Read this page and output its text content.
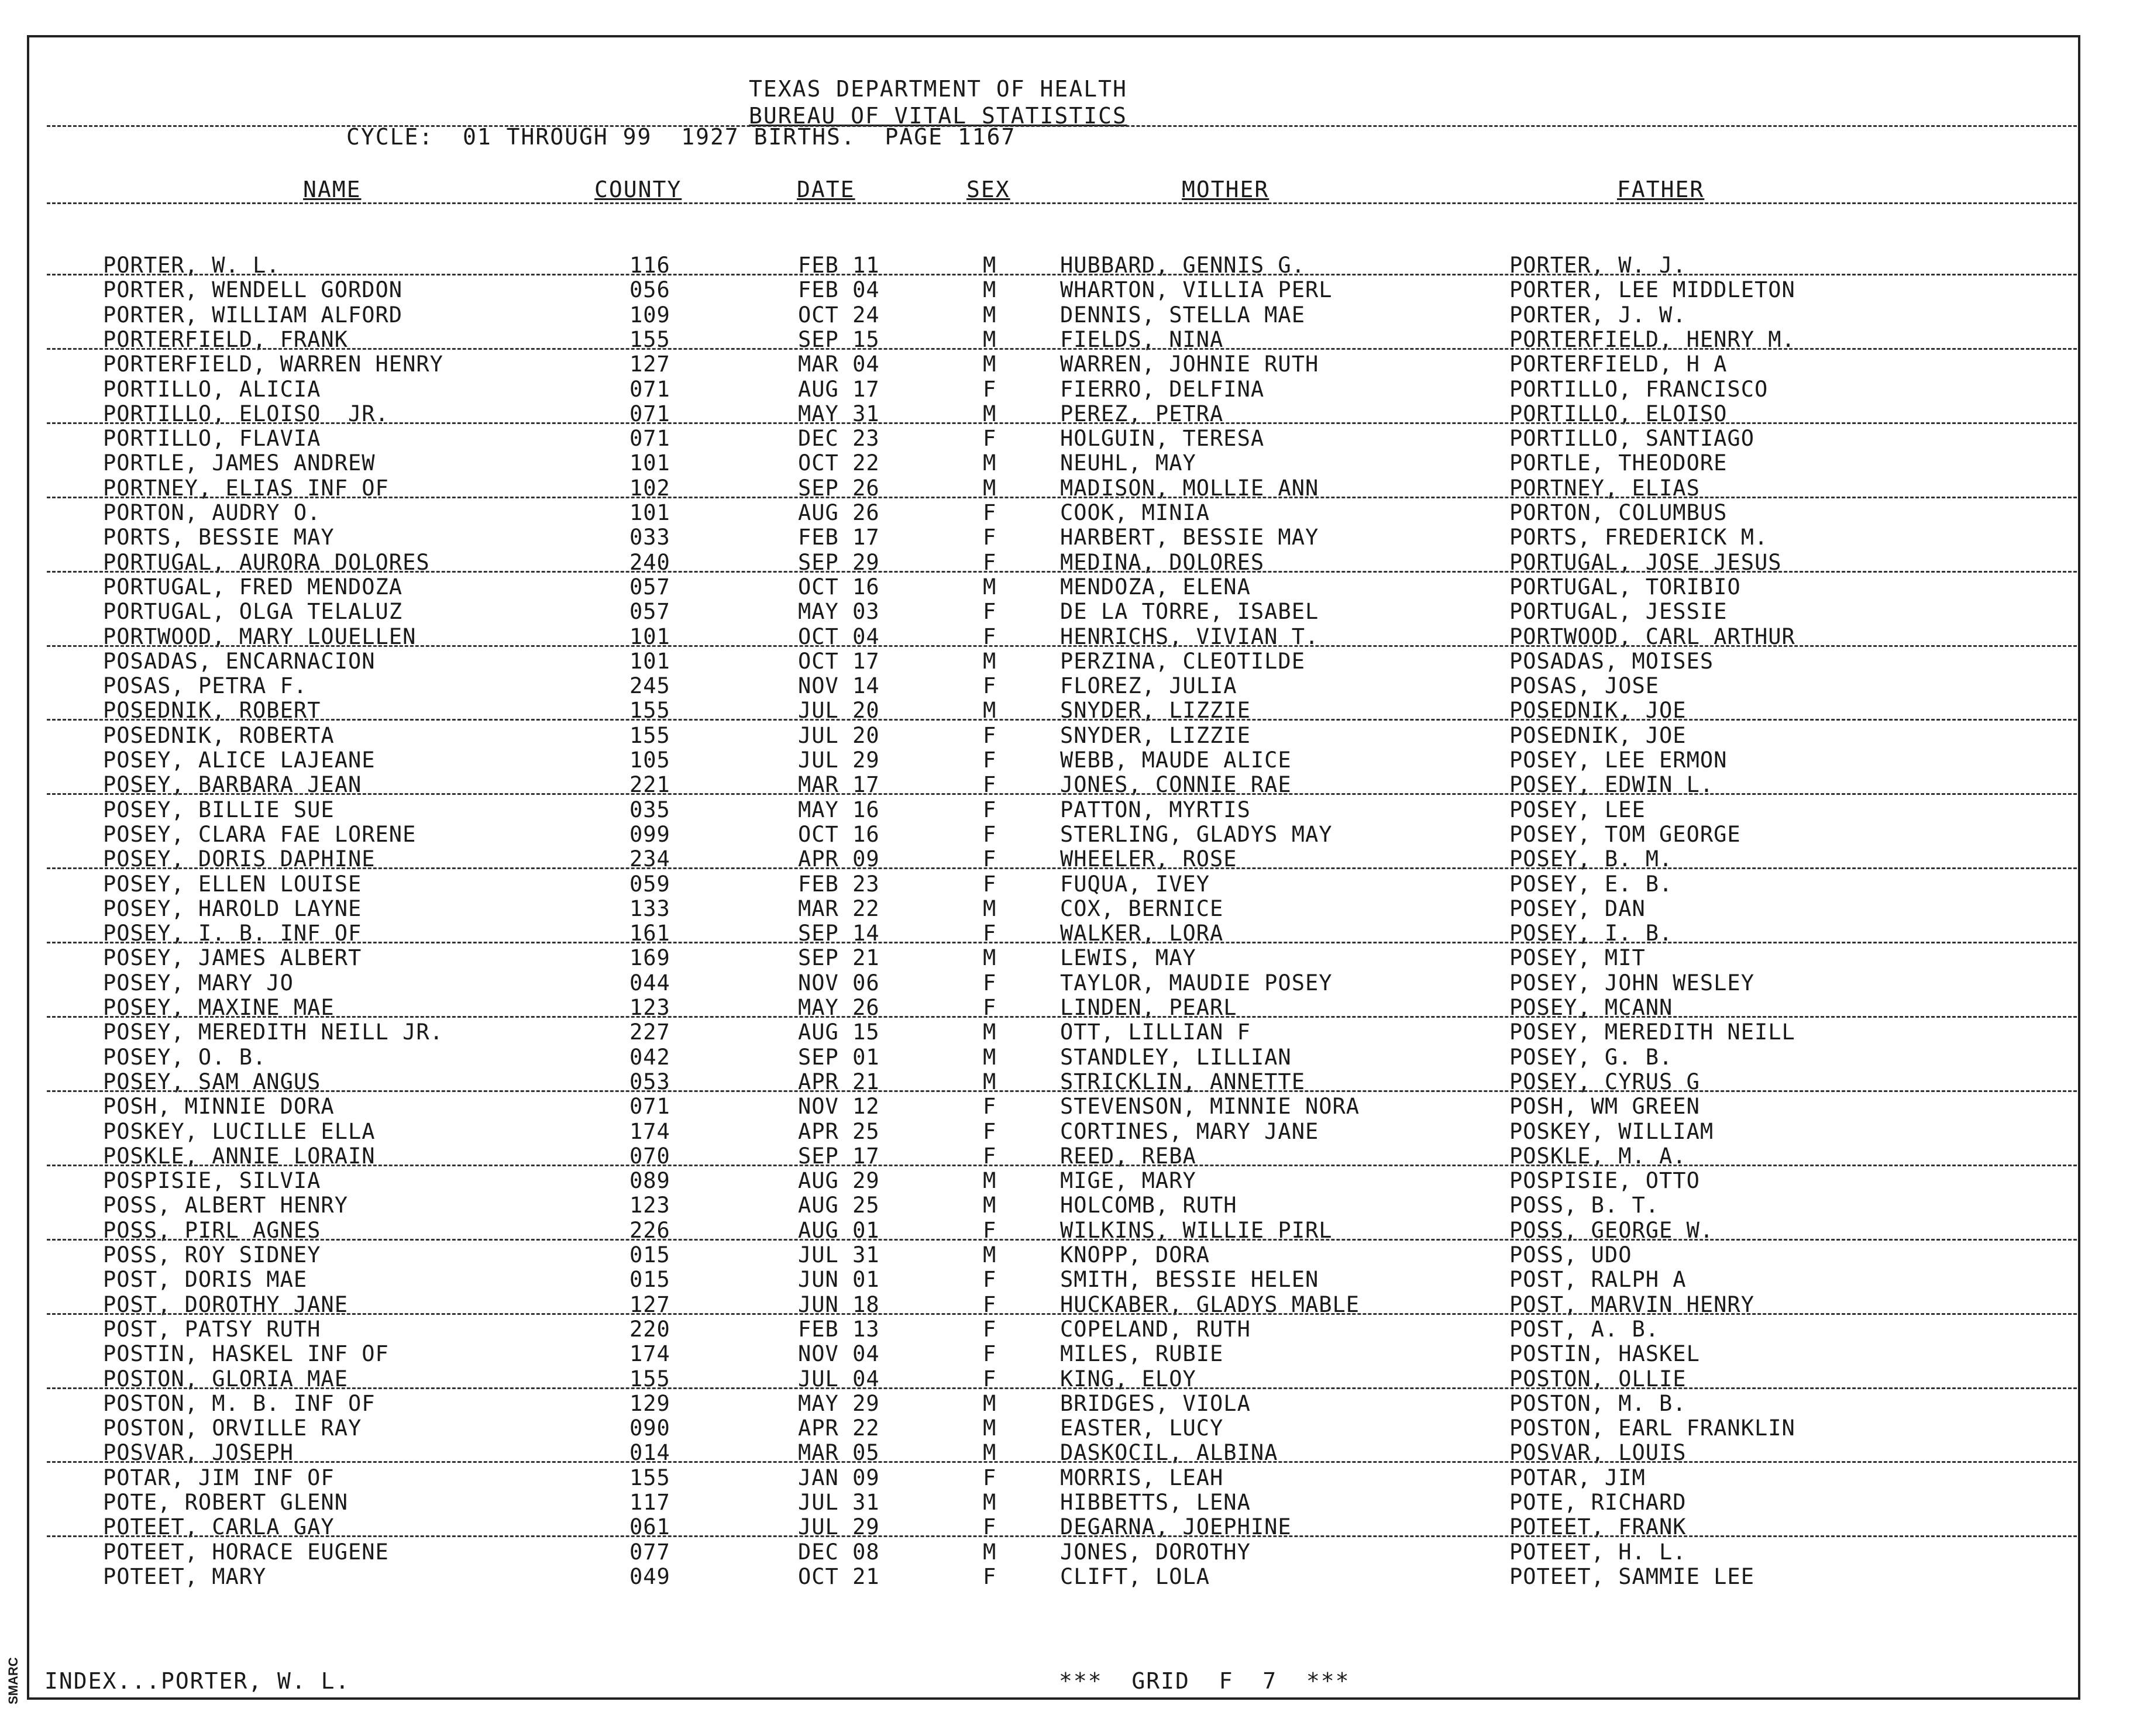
TEXAS DEPARTMENT OF HEALTH
BUREAU OF VITAL STATISTICS
CYCLE:  01 THROUGH 99  1927 BIRTHS.  PAGE 1167
NAME	COUNTY	DATE	SEX	MOTHER	FATHER
PORTER, W. L.	116	FEB 11	M	HUBBARD, GENNIS G.	PORTER, W. J.
PORTER, WENDELL GORDON	056	FEB 04	M	WHARTON, VILLIA PERL	PORTER, LEE MIDDLETON
PORTER, WILLIAM ALFORD	109	OCT 24	M	DENNIS, STELLA MAE	PORTER, J. W.
PORTERFIELD, FRANK	155	SEP 15	M	FIELDS, NINA	PORTERFIELD, HENRY M.
PORTERFIELD, WARREN HENRY	127	MAR 04	M	WARREN, JOHNIE RUTH	PORTERFIELD, H A
PORTILLO, ALICIA	071	AUG 17	F	FIERRO, DELFINA	PORTILLO, FRANCISCO
PORTILLO, ELOISO  JR.	071	MAY 31	M	PEREZ, PETRA	PORTILLO, ELOISO
PORTILLO, FLAVIA	071	DEC 23	F	HOLGUIN, TERESA	PORTILLO, SANTIAGO
PORTLE, JAMES ANDREW	101	OCT 22	M	NEUHL, MAY	PORTLE, THEODORE
PORTNEY, ELIAS INF OF	102	SEP 26	M	MADISON, MOLLIE ANN	PORTNEY, ELIAS
PORTON, AUDRY O.	101	AUG 26	F	COOK, MINIA	PORTON, COLUMBUS
PORTS, BESSIE MAY	033	FEB 17	F	HARBERT, BESSIE MAY	PORTS, FREDERICK M.
PORTUGAL, AURORA DOLORES	240	SEP 29	F	MEDINA, DOLORES	PORTUGAL, JOSE JESUS
PORTUGAL, FRED MENDOZA	057	OCT 16	M	MENDOZA, ELENA	PORTUGAL, TORIBIO
PORTUGAL, OLGA TELALUZ	057	MAY 03	F	DE LA TORRE, ISABEL	PORTUGAL, JESSIE
PORTWOOD, MARY LOUELLEN	101	OCT 04	F	HENRICHS, VIVIAN T.	PORTWOOD, CARL ARTHUR
POSADAS, ENCARNACION	101	OCT 17	M	PERZINA, CLEOTILDE	POSADAS, MOISES
POSAS, PETRA F.	245	NOV 14	F	FLOREZ, JULIA	POSAS, JOSE
POSEDNIK, ROBERT	155	JUL 20	M	SNYDER, LIZZIE	POSEDNIK, JOE
POSEDNIK, ROBERTA	155	JUL 20	F	SNYDER, LIZZIE	POSEDNIK, JOE
POSEY, ALICE LAJEANE	105	JUL 29	F	WEBB, MAUDE ALICE	POSEY, LEE ERMON
POSEY, BARBARA JEAN	221	MAR 17	F	JONES, CONNIE RAE	POSEY, EDWIN L.
POSEY, BILLIE SUE	035	MAY 16	F	PATTON, MYRTIS	POSEY, LEE
POSEY, CLARA FAE LORENE	099	OCT 16	F	STERLING, GLADYS MAY	POSEY, TOM GEORGE
POSEY, DORIS DAPHINE	234	APR 09	F	WHEELER, ROSE	POSEY, B. M.
POSEY, ELLEN LOUISE	059	FEB 23	F	FUQUA, IVEY	POSEY, E. B.
POSEY, HAROLD LAYNE	133	MAR 22	M	COX, BERNICE	POSEY, DAN
POSEY, I. B. INF OF	161	SEP 14	F	WALKER, LORA	POSEY, I. B.
POSEY, JAMES ALBERT	169	SEP 21	M	LEWIS, MAY	POSEY, MIT
POSEY, MARY JO	044	NOV 06	F	TAYLOR, MAUDIE POSEY	POSEY, JOHN WESLEY
POSEY, MAXINE MAE	123	MAY 26	F	LINDEN, PEARL	POSEY, MCANN
POSEY, MEREDITH NEILL JR.	227	AUG 15	M	OTT, LILLIAN F	POSEY, MEREDITH NEILL
POSEY, O. B.	042	SEP 01	M	STANDLEY, LILLIAN	POSEY, G. B.
POSEY, SAM ANGUS	053	APR 21	M	STRICKLIN, ANNETTE	POSEY, CYRUS G
POSH, MINNIE DORA	071	NOV 12	F	STEVENSON, MINNIE NORA	POSH, WM GREEN
POSKEY, LUCILLE ELLA	174	APR 25	F	CORTINES, MARY JANE	POSKEY, WILLIAM
POSKLE, ANNIE LORAIN	070	SEP 17	F	REED, REBA	POSKLE, M. A.
POSPISIE, SILVIA	089	AUG 29	M	MIGE, MARY	POSPISIE, OTTO
POSS, ALBERT HENRY	123	AUG 25	M	HOLCOMB, RUTH	POSS, B. T.
POSS, PIRL AGNES	226	AUG 01	F	WILKINS, WILLIE PIRL	POSS, GEORGE W.
POSS, ROY SIDNEY	015	JUL 31	M	KNOPP, DORA	POSS, UDO
POST, DORIS MAE	015	JUN 01	F	SMITH, BESSIE HELEN	POST, RALPH A
POST, DOROTHY JANE	127	JUN 18	F	HUCKABER, GLADYS MABLE	POST, MARVIN HENRY
POST, PATSY RUTH	220	FEB 13	F	COPELAND, RUTH	POST, A. B.
POSTIN, HASKEL INF OF	174	NOV 04	F	MILES, RUBIE	POSTIN, HASKEL
POSTON, GLORIA MAE	155	JUL 04	F	KING, ELOY	POSTON, OLLIE
POSTON, M. B. INF OF	129	MAY 29	M	BRIDGES, VIOLA	POSTON, M. B.
POSTON, ORVILLE RAY	090	APR 22	M	EASTER, LUCY	POSTON, EARL FRANKLIN
POSVAR, JOSEPH	014	MAR 05	M	DASKOCIL, ALBINA	POSVAR, LOUIS
POTAR, JIM INF OF	155	JAN 09	F	MORRIS, LEAH	POTAR, JIM
POTE, ROBERT GLENN	117	JUL 31	M	HIBBETTS, LENA	POTE, RICHARD
POTEET, CARLA GAY	061	JUL 29	F	DEGARNA, JOEPHINE	POTEET, FRANK
POTEET, HORACE EUGENE	077	DEC 08	M	JONES, DOROTHY	POTEET, H. L.
POTEET, MARY	049	OCT 21	F	CLIFT, LOLA	POTEET, SAMMIE LEE
INDEX...PORTER, W. L.	***  GRID  F  7  ***
SMARC
